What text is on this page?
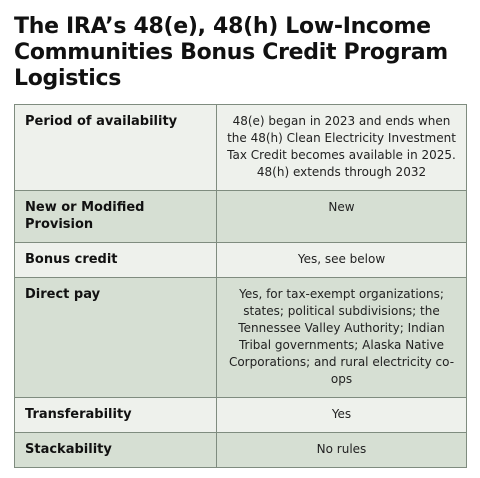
The IRA’s 48(e), 48(h) Low-Income Communities Bonus Credit Program Logistics
Period of availability	48(e) began in 2023 and ends when the 48(h) Clean Electricity Investment Tax Credit becomes available in 2025. 48(h) extends through 2032
New or Modified Provision	New
Bonus credit	Yes, see below
Direct pay	Yes, for tax-exempt organizations; states; political subdivisions; the Tennessee Valley Authority; Indian Tribal governments; Alaska Native Corporations; and rural electricity co-ops
Transferability	Yes
Stackability	No rules
